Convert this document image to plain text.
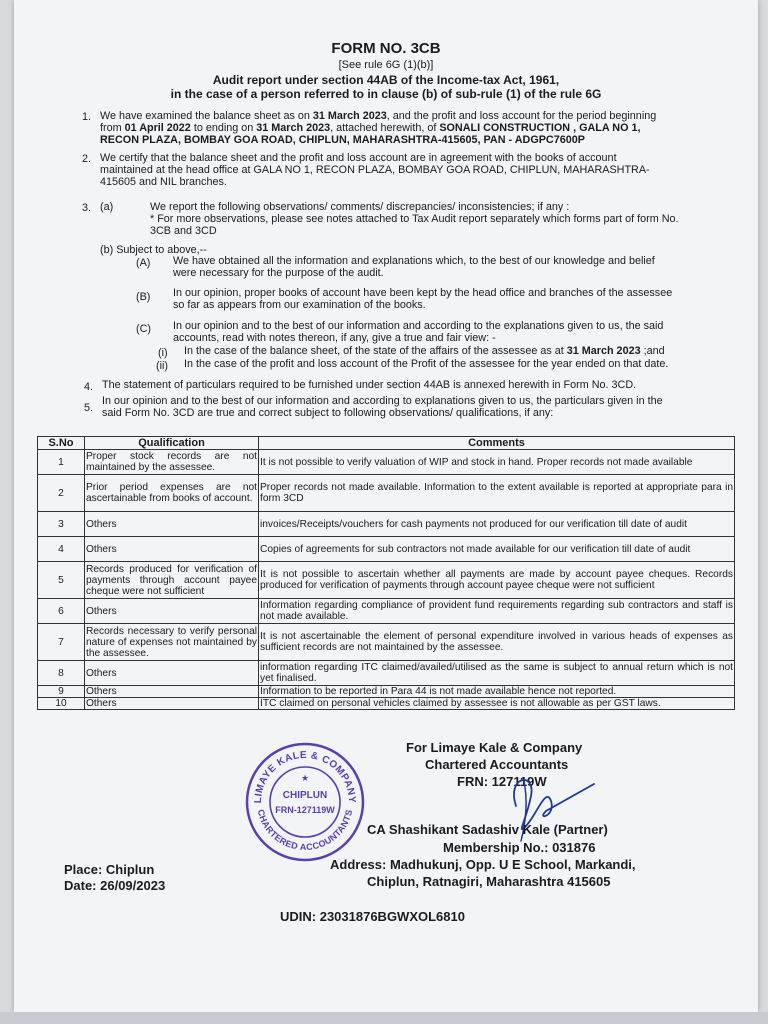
FORM NO. 3CB
[See rule 6G (1)(b)]
Audit report under section 44AB of the Income-tax Act, 1961,
in the case of a person referred to in clause (b) of sub-rule (1) of the rule 6G
1. We have examined the balance sheet as on 31 March 2023, and the profit and loss account for the period beginning
from 01 April 2022 to ending on 31 March 2023, attached herewith, of SONALI CONSTRUCTION , GALA NO 1,
RECON PLAZA, BOMBAY GOA ROAD, CHIPLUN, MAHARASHTRA-415605, PAN - ADGPC7600P
2. We certify that the balance sheet and the profit and loss account are in agreement with the books of account
maintained at the head office at GALA NO 1, RECON PLAZA, BOMBAY GOA ROAD, CHIPLUN, MAHARASHTRA-
415605 and NIL branches.
3. (a)	We report the following observations/ comments/ discrepancies/ inconsistencies; if any :
* For more observations, please see notes attached to Tax Audit report separately which forms part of form No.
3CB and 3CD
(b) Subject to above,--
(A) We have obtained all the information and explanations which, to the best of our knowledge and belief
were necessary for the purpose of the audit.
(B) In our opinion, proper books of account have been kept by the head office and branches of the assessee
so far as appears from our examination of the books.
(C) In our opinion and to the best of our information and according to the explanations given to us, the said
accounts, read with notes thereon, if any, give a true and fair view: -
(i) In the case of the balance sheet, of the state of the affairs of the assessee as at 31 March 2023 ;and
(ii) In the case of the profit and loss account of the Profit of the assessee for the year ended on that date.
4. The statement of particulars required to be furnished under section 44AB is annexed herewith in Form No. 3CD.
5.
In our opinion and to the best of our information and according to explanations given to us, the particulars given in the
said Form No. 3CD are true and correct subject to following observations/ qualifications, if any:
S.No	Qualification	Comments
1	Proper stock records are not maintained by the assessee.	It is not possible to verify valuation of WIP and stock in hand. Proper records not made available
2	Prior period expenses are not ascertainable from books of account.	Proper records not made available. Information to the extent available is reported at appropriate para in form 3CD
3	Others	invoices/Receipts/vouchers for cash payments not produced for our verification till date of audit
4	Others	Copies of agreements for sub contractors not made available for our verification till date of audit
5	Records produced for verification of payments through account payee cheque were not sufficient	It is not possible to ascertain whether all payments are made by account payee cheques. Records produced for verification of payments through account payee cheque were not sufficient
6	Others	Information regarding compliance of provident fund requirements regarding sub contractors and staff is not made available.
7	Records necessary to verify personal nature of expenses not maintained by the assessee.	It is not ascertainable the element of personal expenditure involved in various heads of expenses as sufficient records are not maintained by the assessee.
8	Others	information regarding ITC claimed/availed/utilised as the same is subject to annual return which is not yet finalised.
9	Others	Information to be reported in Para 44 is not made available hence not reported.
10	Others	ITC claimed on personal vehicles claimed by assessee is not allowable as per GST laws.
For Limaye Kale & Company
Chartered Accountants
FRN: 127119W
LIMAYE KALE & COMPANY
CHARTERED ACCOUNTANTS
CHIPLUN
FRN-127119W
★
CA Shashikant Sadashiv Kale (Partner)
Membership No.: 031876
Address: Madhukunj, Opp. U E School, Markandi,
Chiplun, Ratnagiri, Maharashtra 415605
Place: Chiplun
Date: 26/09/2023
UDIN: 23031876BGWXOL6810
